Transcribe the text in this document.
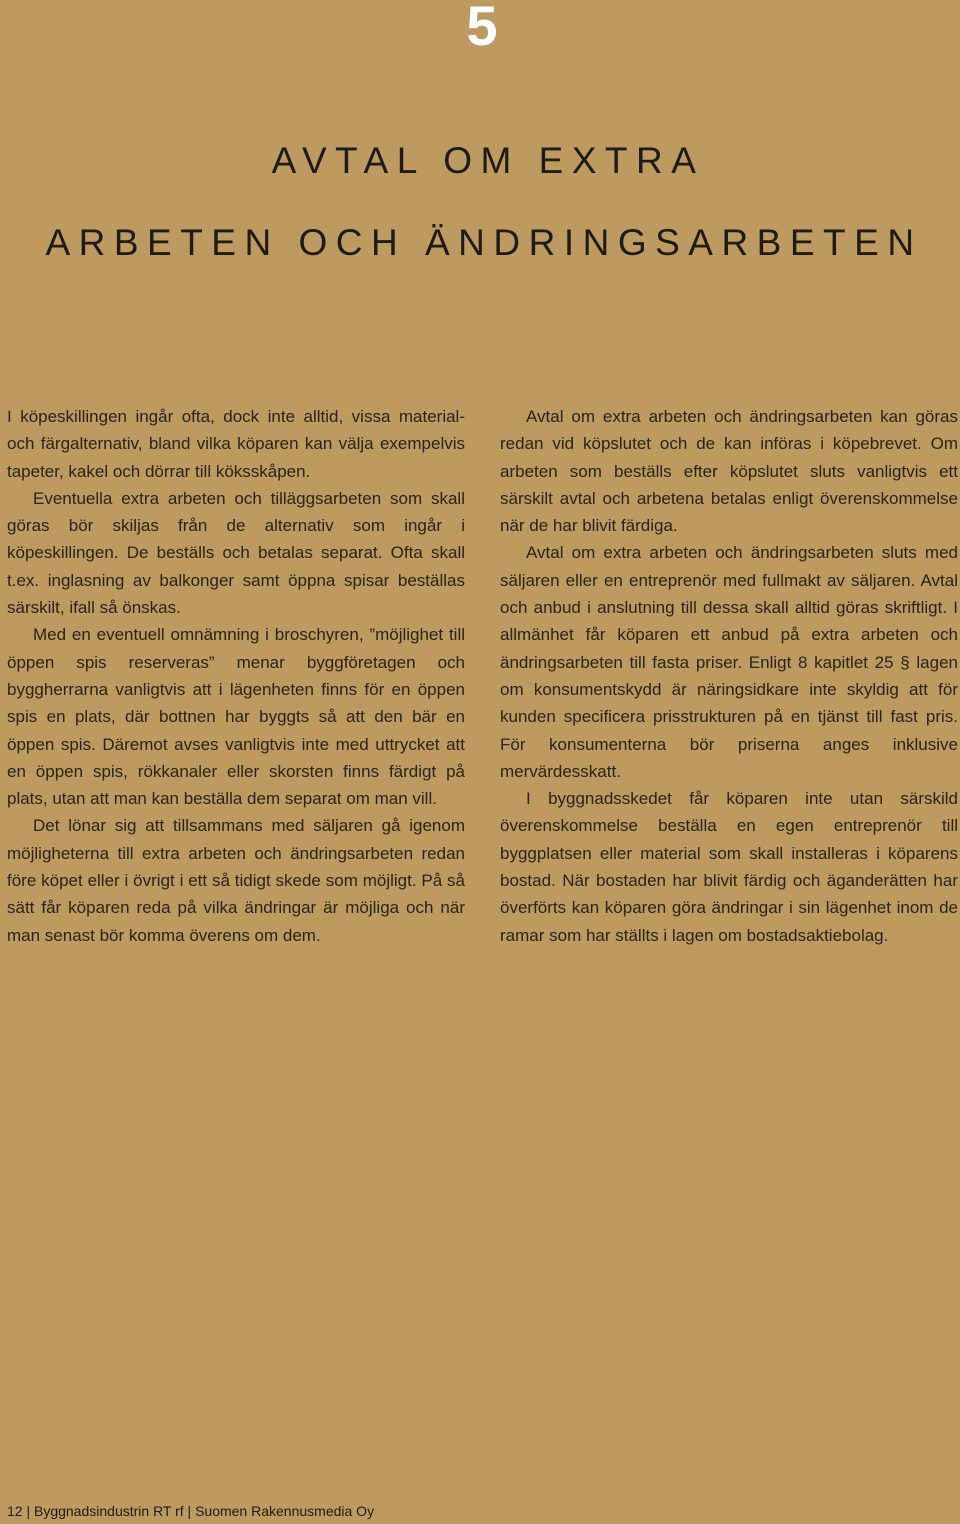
5
AVTAL OM EXTRA
ARBETEN OCH ÄNDRINGSARBETEN

I köpeskillingen ingår ofta, dock inte alltid, vissa material- och färgalternativ, bland vilka köparen kan välja exempelvis tapeter, kakel och dörrar till köksskåpen.

Eventuella extra arbeten och tilläggsarbeten som skall göras bör skiljas från de alternativ som ingår i köpeskillingen. De beställs och betalas separat. Ofta skall t.ex. inglasning av balkonger samt öppna spisar beställas särskilt, ifall så önskas.

Med en eventuell omnämning i broschyren, ”möjlighet till öppen spis reserveras” menar byggföretagen och byggherrarna vanligtvis att i lägenheten finns för en öppen spis en plats, där bottnen har byggts så att den bär en öppen spis. Däremot avses vanligtvis inte med uttrycket att en öppen spis, rökkanaler eller skorsten finns färdigt på plats, utan att man kan beställa dem separat om man vill.

Det lönar sig att tillsammans med säljaren gå igenom möjligheterna till extra arbeten och ändringsarbeten redan före köpet eller i övrigt i ett så tidigt skede som möjligt. På så sätt får köparen reda på vilka ändringar är möjliga och när man senast bör komma överens om dem.

Avtal om extra arbeten och ändringsarbeten kan göras redan vid köpslutet och de kan införas i köpebrevet. Om arbeten som beställs efter köpslutet sluts vanligtvis ett särskilt avtal och arbetena betalas enligt överenskommelse när de har blivit färdiga.

Avtal om extra arbeten och ändringsarbeten sluts med säljaren eller en entreprenör med fullmakt av säljaren. Avtal och anbud i anslutning till dessa skall alltid göras skriftligt. I allmänhet får köparen ett anbud på extra arbeten och ändringsarbeten till fasta priser. Enligt 8 kapitlet 25 § lagen om konsumentskydd är näringsidkare inte skyldig att för kunden specificera prisstrukturen på en tjänst till fast pris. För konsumenterna bör priserna anges inklusive mervärdesskatt.

I byggnadsskedet får köparen inte utan särskild överenskommelse beställa en egen entreprenör till byggplatsen eller material som skall installeras i köparens bostad. När bostaden har blivit färdig och äganderätten har överförts kan köparen göra ändringar i sin lägenhet inom de ramar som har ställts i lagen om bostadsaktiebolag.

12 | Byggnadsindustrin RT rf | Suomen Rakennusmedia Oy
